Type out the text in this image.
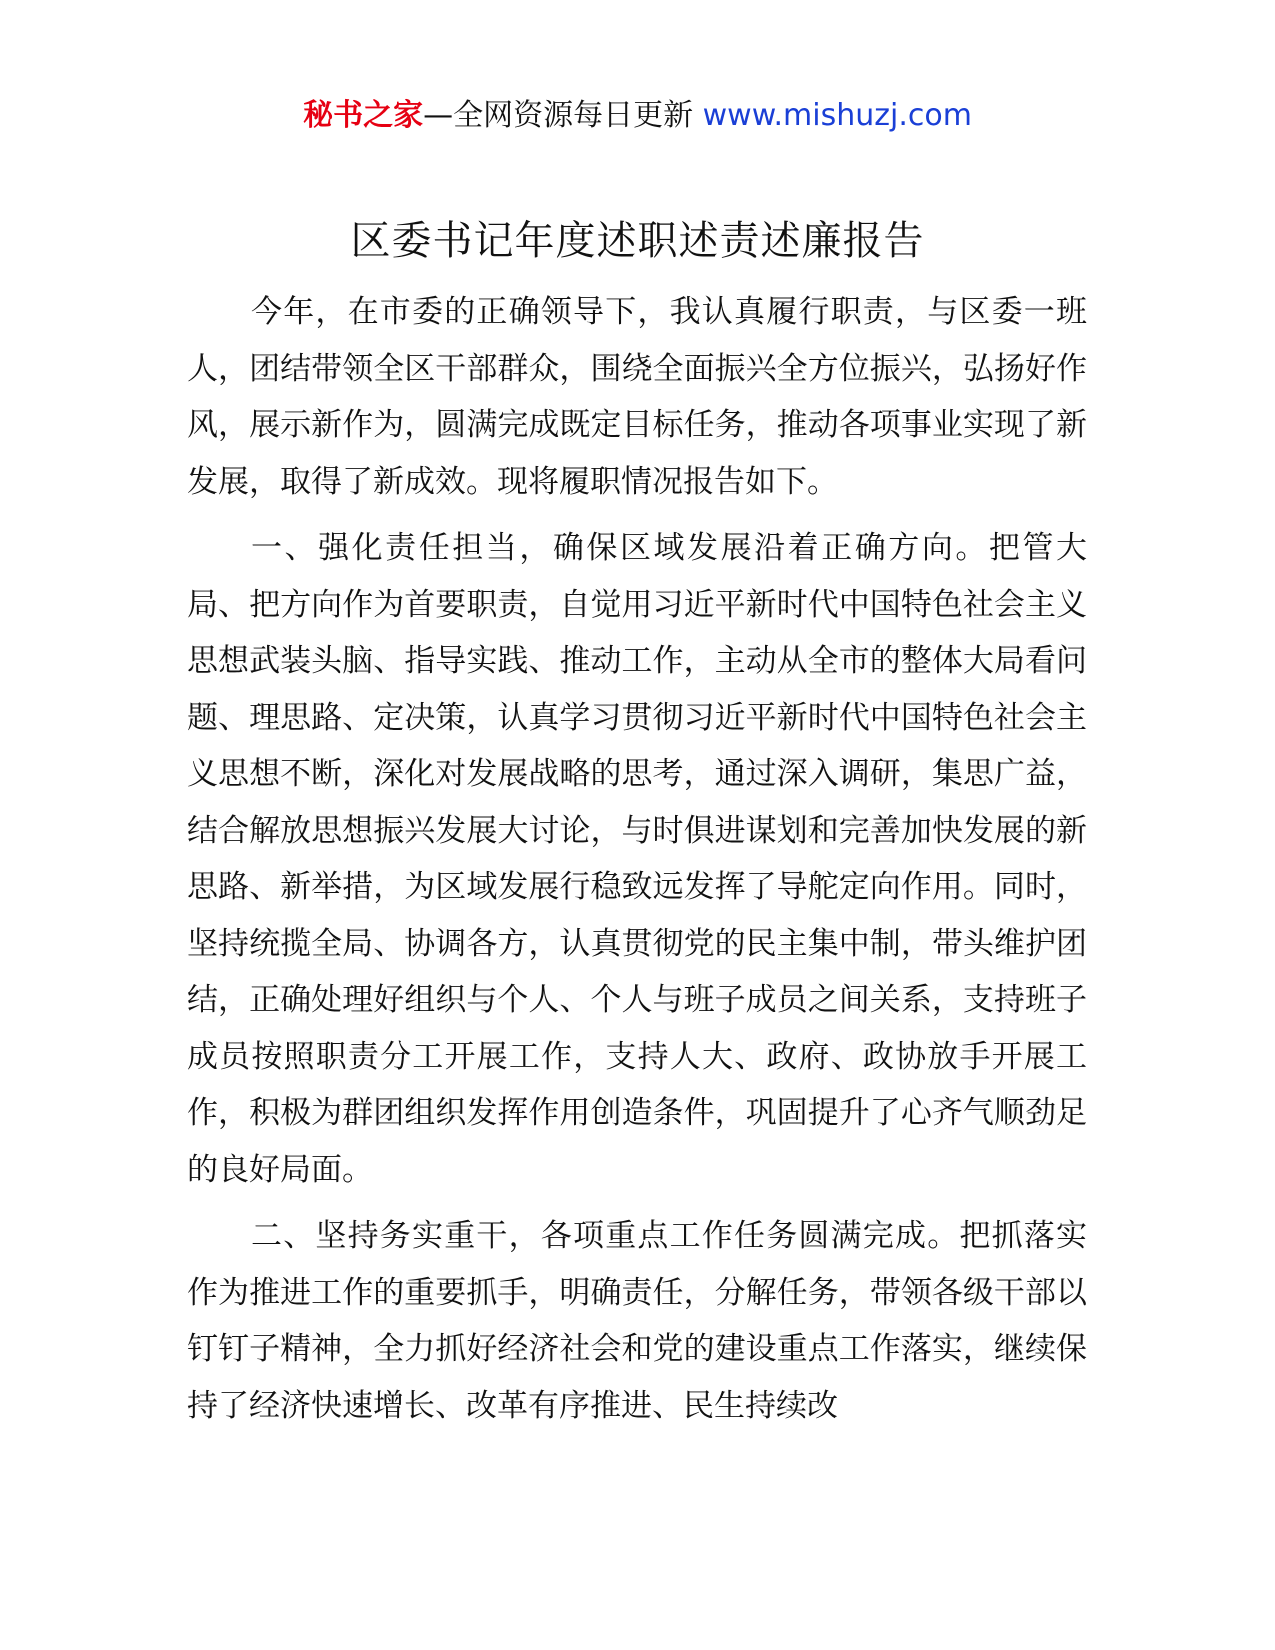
秘书之家—全网资源每日更新 www.mishuzj.com
区委书记年度述职述责述廉报告

今年，在市委的正确领导下，我认真履行职责，与区委一班人，团结带领全区干部群众，围绕全面振兴全方位振兴，弘扬好作风，展示新作为，圆满完成既定目标任务，推动各项事业实现了新发展，取得了新成效。现将履职情况报告如下。

一、强化责任担当，确保区域发展沿着正确方向。把管大局、把方向作为首要职责，自觉用习近平新时代中国特色社会主义思想武装头脑、指导实践、推动工作，主动从全市的整体大局看问题、理思路、定决策，认真学习贯彻习近平新时代中国特色社会主义思想不断，深化对发展战略的思考，通过深入调研，集思广益，结合解放思想振兴发展大讨论，与时俱进谋划和完善加快发展的新思路、新举措，为区域发展行稳致远发挥了导舵定向作用。同时，坚持统揽全局、协调各方，认真贯彻党的民主集中制，带头维护团结，正确处理好组织与个人、个人与班子成员之间关系，支持班子成员按照职责分工开展工作，支持人大、政府、政协放手开展工作，积极为群团组织发挥作用创造条件，巩固提升了心齐气顺劲足的良好局面。

二、坚持务实重干，各项重点工作任务圆满完成。把抓落实作为推进工作的重要抓手，明确责任，分解任务，带领各级干部以钉钉子精神，全力抓好经济社会和党的建设重点工作落实，继续保持了经济快速增长、改革有序推进、民生持续改
